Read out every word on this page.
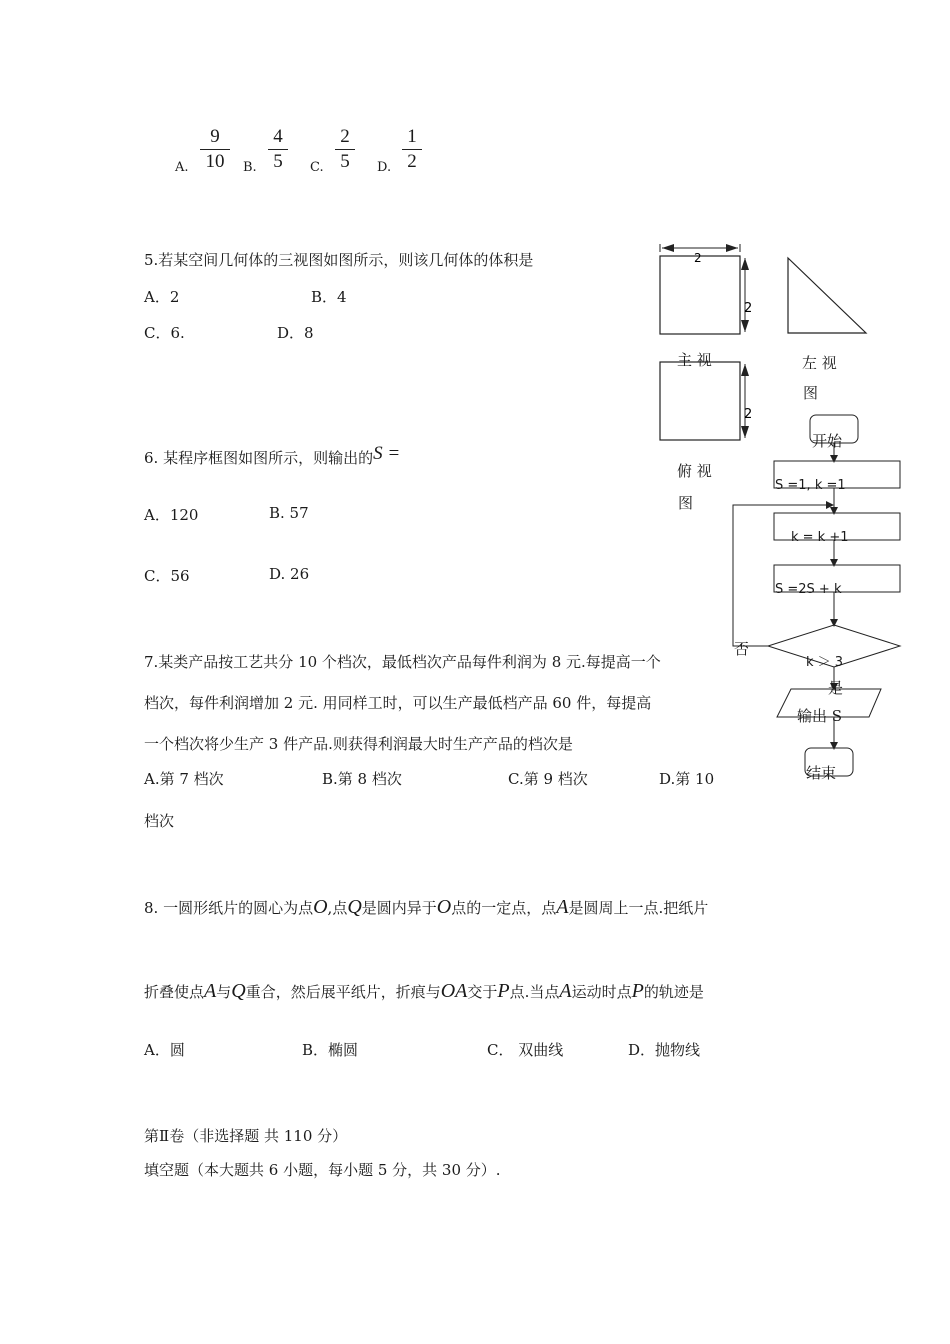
A.
9
10	B.
4
5	C.
2
5	D.
1
2
5.若某空间几何体的三视图如图所示，则该几何体的体积是
A．2	B．4
C．6.	D．8
6. 某程序框图如图所示，则输出的S =
A．120	B. 57
C．56	D. 26
7.某类产品按工艺共分 10 个档次，最低档次产品每件利润为 8 元.每提高一个
档次，每件利润增加 2 元. 用同样工时，可以生产最低档产品 60 件，每提高
一个档次将少生产 3 件产品.则获得利润最大时生产产品的档次是
A.第 7 档次	B.第 8 档次	C.第 9 档次	D.第 10
档次
8. 一圆形纸片的圆心为点O,点Q是圆内异于O点的一定点，点A是圆周上一点.把纸片
折叠使点A与Q重合，然后展平纸片，折痕与OA交于P点.当点A运动时点P的轨迹是
A．圆	B．椭圆	C． 双曲线	D．抛物线
第Ⅱ卷（非选择题 共 110 分）
填空题（本大题共 6 小题，每小题 5 分，共 30 分）.
2
2
2
主 视	左 视
图
俯 视
图
开始
S =1, k =1
k = k +1
S =2S + k
否
k ＞ 3
是
输出 S
结束
